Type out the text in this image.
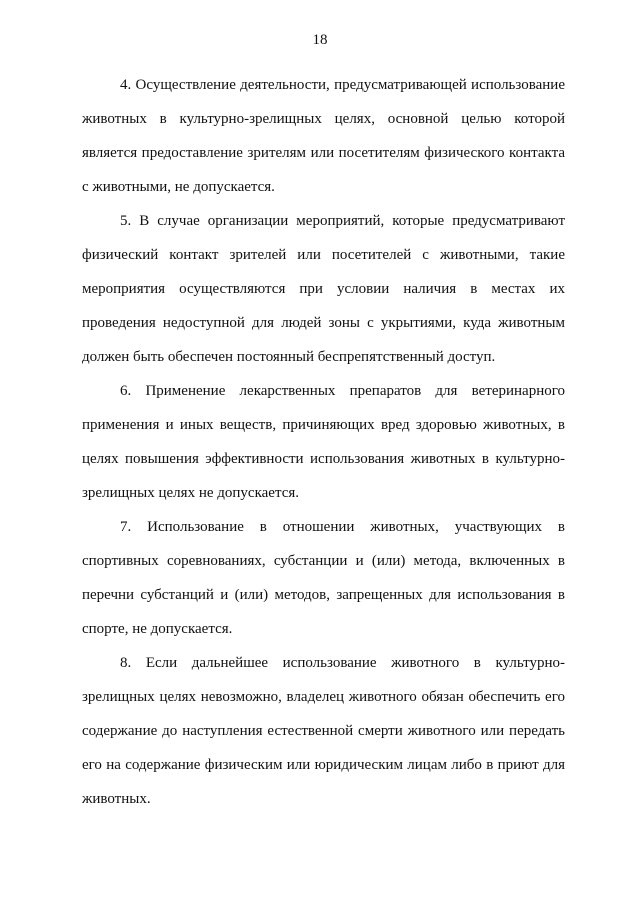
18
4. Осуществление деятельности, предусматривающей использование
животных в культурно-зрелищных целях, основной целью которой
является предоставление зрителям или посетителям физического контакта
с животными, не допускается.
5. В случае организации мероприятий, которые предусматривают
физический контакт зрителей или посетителей с животными, такие
мероприятия осуществляются при условии наличия в местах их
проведения недоступной для людей зоны с укрытиями, куда животным
должен быть обеспечен постоянный беспрепятственный доступ.
6. Применение лекарственных препаратов для ветеринарного
применения и иных веществ, причиняющих вред здоровью животных, в
целях повышения эффективности использования животных в культурно-
зрелищных целях не допускается.
7. Использование в отношении животных, участвующих в
спортивных соревнованиях, субстанции и (или) метода, включенных в
перечни субстанций и (или) методов, запрещенных для использования в
спорте, не допускается.
8. Если дальнейшее использование животного в культурно-
зрелищных целях невозможно, владелец животного обязан обеспечить его
содержание до наступления естественной смерти животного или передать
его на содержание физическим или юридическим лицам либо в приют для
животных.
